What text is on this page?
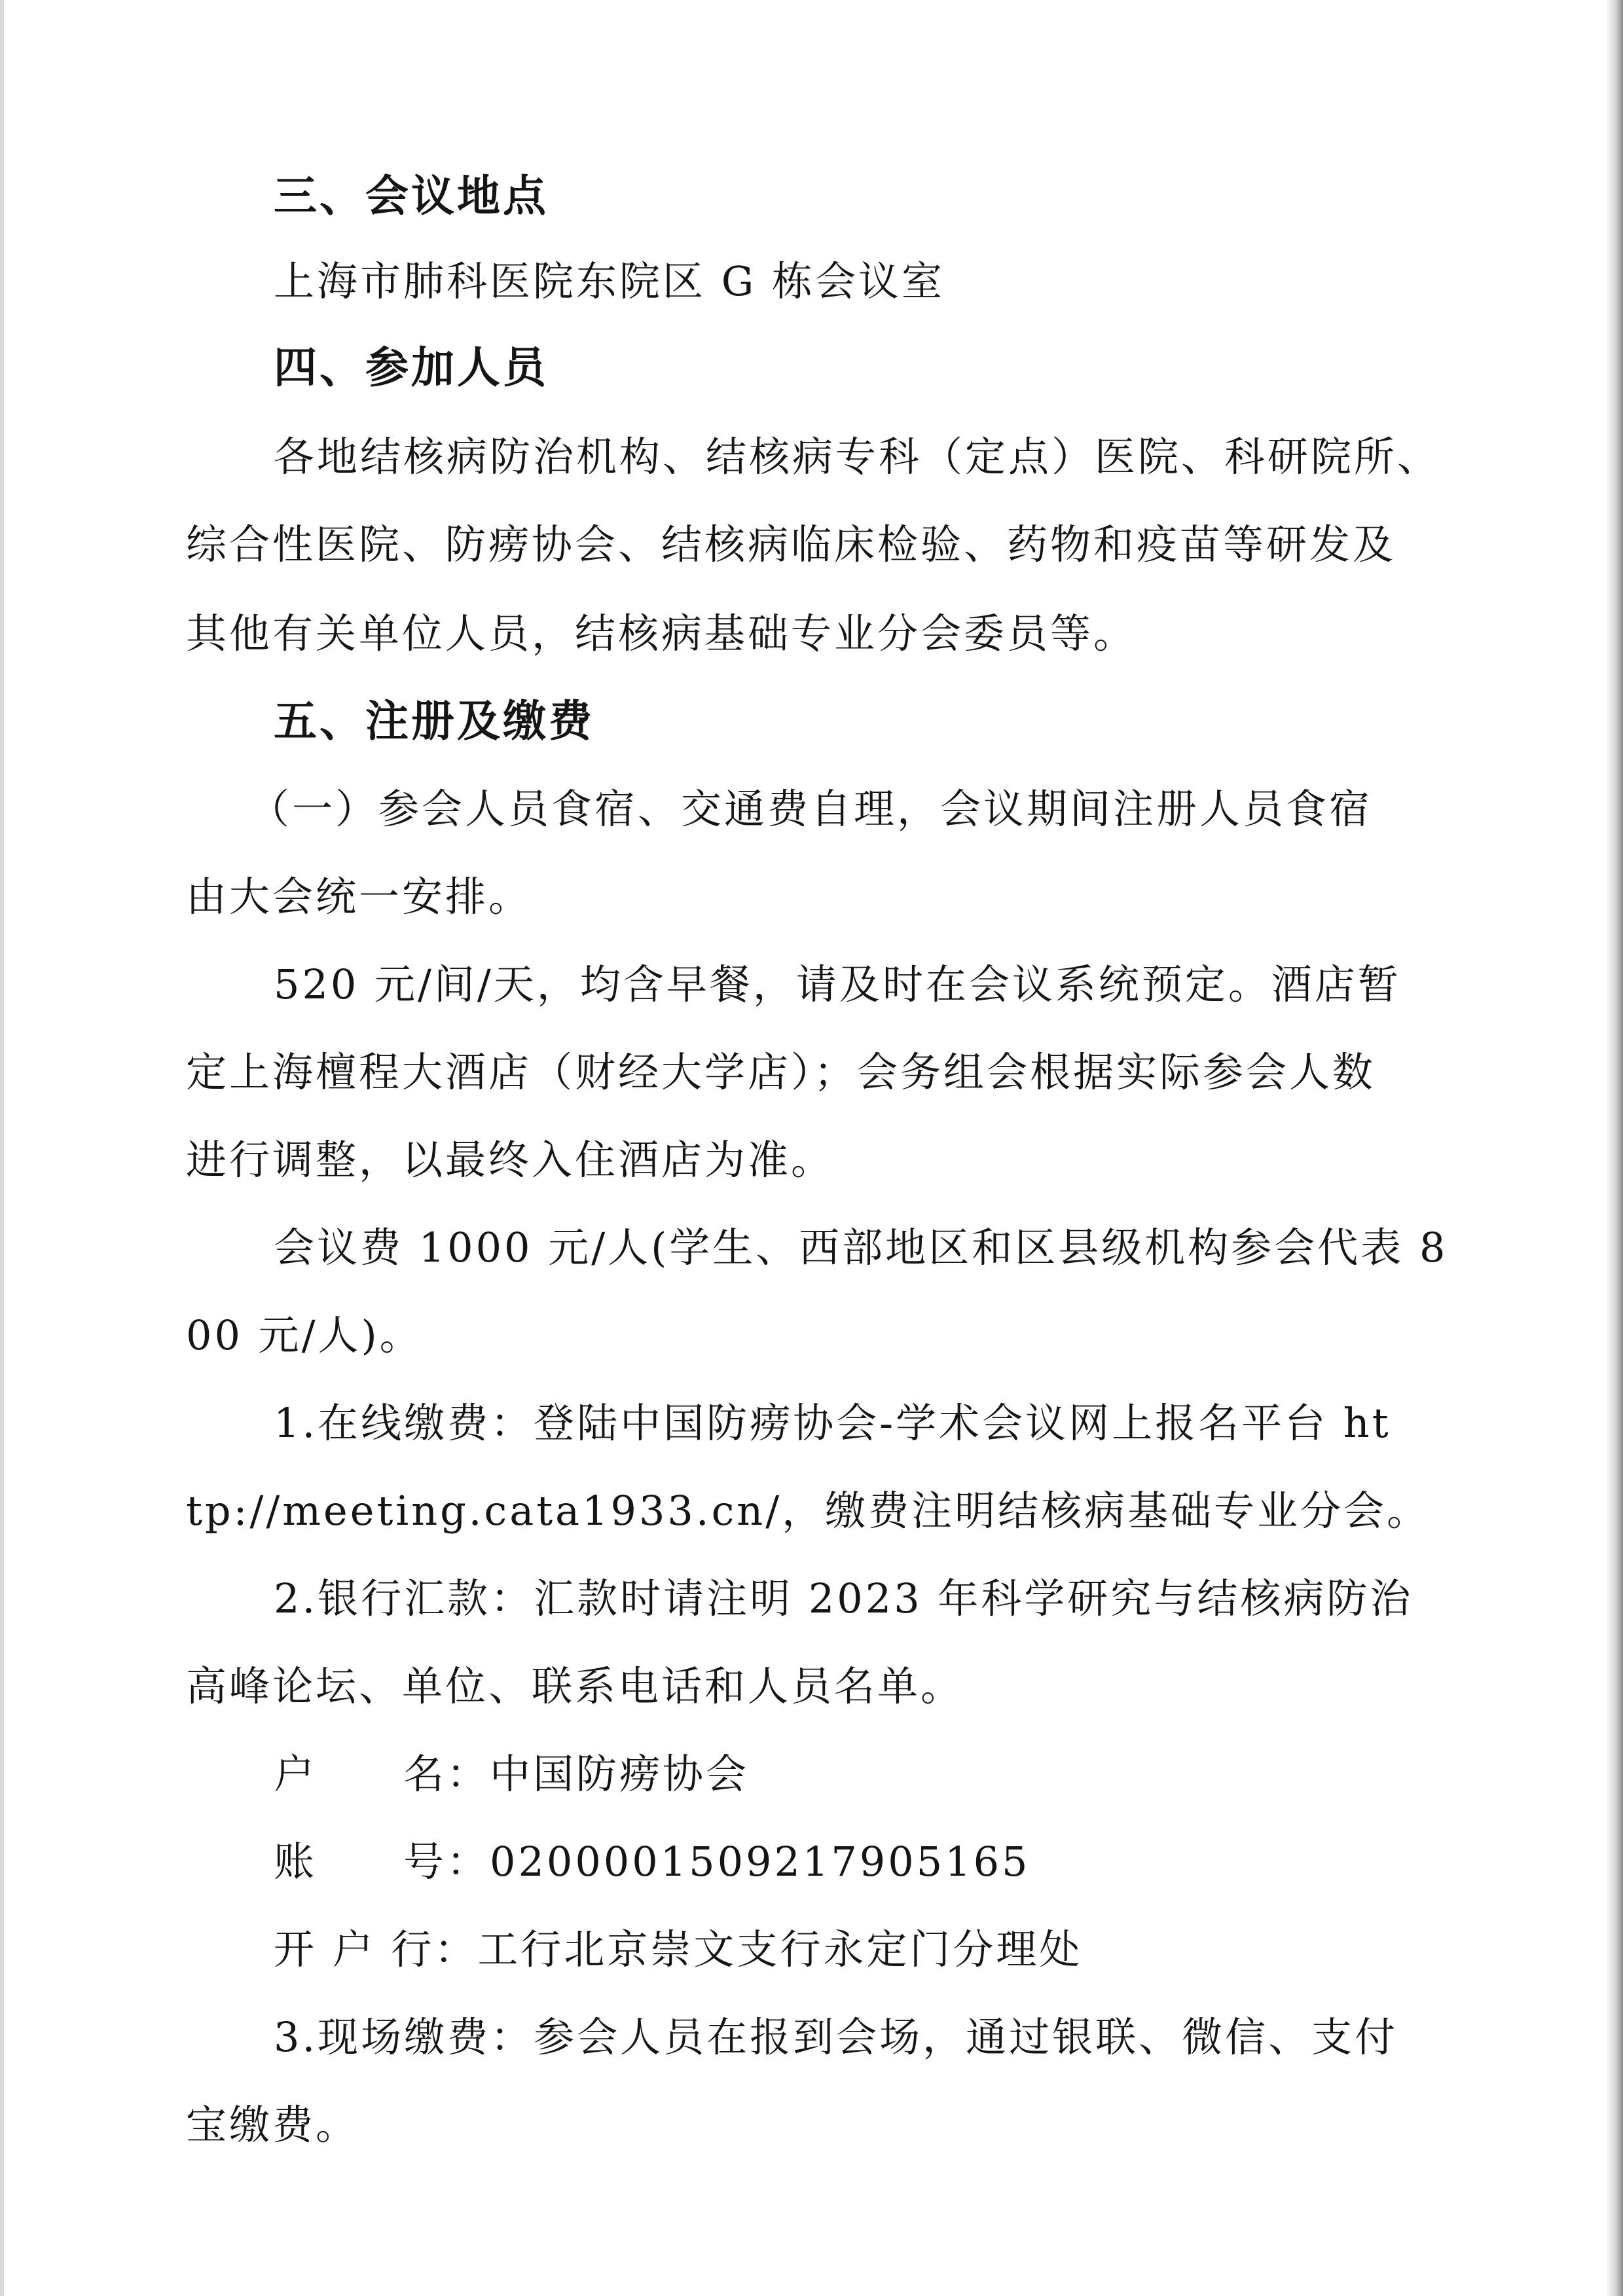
三、会议地点
上海市肺科医院东院区 G 栋会议室
四、参加人员
各地结核病防治机构、结核病专科（定点）医院、科研院所、
综合性医院、防痨协会、结核病临床检验、药物和疫苗等研发及
其他有关单位人员，结核病基础专业分会委员等。
五、注册及缴费
（一）参会人员食宿、交通费自理，会议期间注册人员食宿
由大会统一安排。
520 元/间/天，均含早餐，请及时在会议系统预定。酒店暂
定上海檀程大酒店（财经大学店）；会务组会根据实际参会人数
进行调整，以最终入住酒店为准。
会议费 1000 元/人(学生、西部地区和区县级机构参会代表 8
00 元/人)。
1.在线缴费：登陆中国防痨协会-学术会议网上报名平台 ht
tp://meeting.cata1933.cn/，缴费注明结核病基础专业分会。
2.银行汇款：汇款时请注明 2023 年科学研究与结核病防治
高峰论坛、单位、联系电话和人员名单。
户　　名：中国防痨协会
账　　号：0200001509217905165
开 户 行：工行北京崇文支行永定门分理处
3.现场缴费：参会人员在报到会场，通过银联、微信、支付
宝缴费。
